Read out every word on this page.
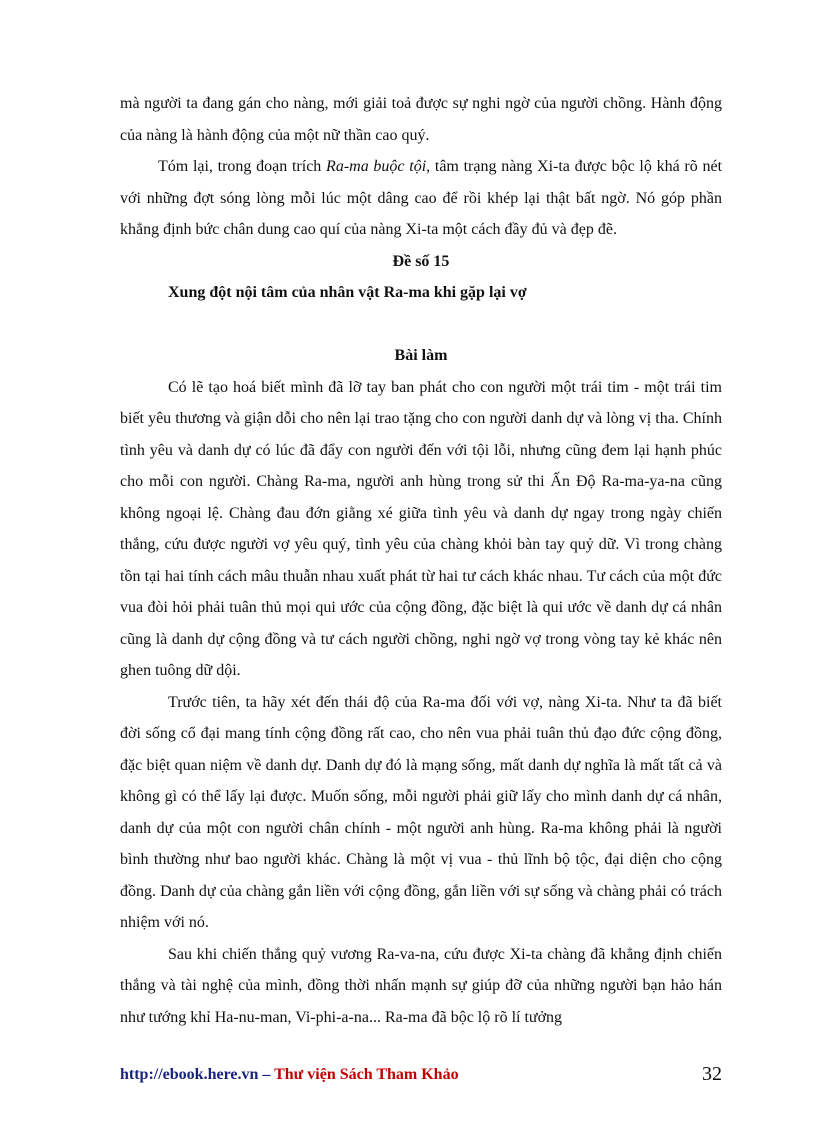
mà người ta đang gán cho nàng, mới giải toả được sự nghi ngờ của người chồng. Hành động của nàng là hành động của một nữ thần cao quý.

Tóm lại, trong đoạn trích Ra-ma buộc tội, tâm trạng nàng Xi-ta được bộc lộ khá rõ nét với những đợt sóng lòng mỗi lúc một dâng cao để rồi khép lại thật bất ngờ. Nó góp phần khẳng định bức chân dung cao quí của nàng Xi-ta một cách đầy đủ và đẹp đẽ.

Đề số 15

Xung đột nội tâm của nhân vật Ra-ma khi gặp lại vợ

Bài làm

Có lẽ tạo hoá biết mình đã lỡ tay ban phát cho con người một trái tim - một trái tim biết yêu thương và giận dỗi cho nên lại trao tặng cho con người danh dự và lòng vị tha. Chính tình yêu và danh dự có lúc đã đẩy con người đến với tội lỗi, nhưng cũng đem lại hạnh phúc cho mỗi con người. Chàng Ra-ma, người anh hùng trong sử thi Ấn Độ Ra-ma-ya-na cũng không ngoại lệ. Chàng đau đớn giằng xé giữa tình yêu và danh dự ngay trong ngày chiến thắng, cứu được người vợ yêu quý, tình yêu của chàng khỏi bàn tay quỷ dữ. Vì trong chàng tồn tại hai tính cách mâu thuẫn nhau xuất phát từ hai tư cách khác nhau. Tư cách của một đức vua đòi hỏi phải tuân thủ mọi qui ước của cộng đồng, đặc biệt là qui ước về danh dự cá nhân cũng là danh dự cộng đồng và tư cách người chồng, nghi ngờ vợ trong vòng tay kẻ khác nên ghen tuông dữ dội.

Trước tiên, ta hãy xét đến thái độ của Ra-ma đối với vợ, nàng Xi-ta. Như ta đã biết đời sống cổ đại mang tính cộng đồng rất cao, cho nên vua phải tuân thủ đạo đức cộng đồng, đặc biệt quan niệm về danh dự. Danh dự đó là mạng sống, mất danh dự nghĩa là mất tất cả và không gì có thể lấy lại được. Muốn sống, mỗi người phải giữ lấy cho mình danh dự cá nhân, danh dự của một con người chân chính - một người anh hùng. Ra-ma không phải là người bình thường như bao người khác. Chàng là một vị vua - thủ lĩnh bộ tộc, đại diện cho cộng đồng. Danh dự của chàng gắn liền với cộng đồng, gắn liền với sự sống và chàng phải có trách nhiệm với nó.

Sau khi chiến thắng quỷ vương Ra-va-na, cứu được Xi-ta chàng đã khẳng định chiến thắng và tài nghệ của mình, đồng thời nhấn mạnh sự giúp đỡ của những người bạn hảo hán như tướng khỉ Ha-nu-man, Vi-phi-a-na... Ra-ma đã bộc lộ rõ lí tưởng

http://ebook.here.vn – Thư viện Sách Tham Khảo	32
